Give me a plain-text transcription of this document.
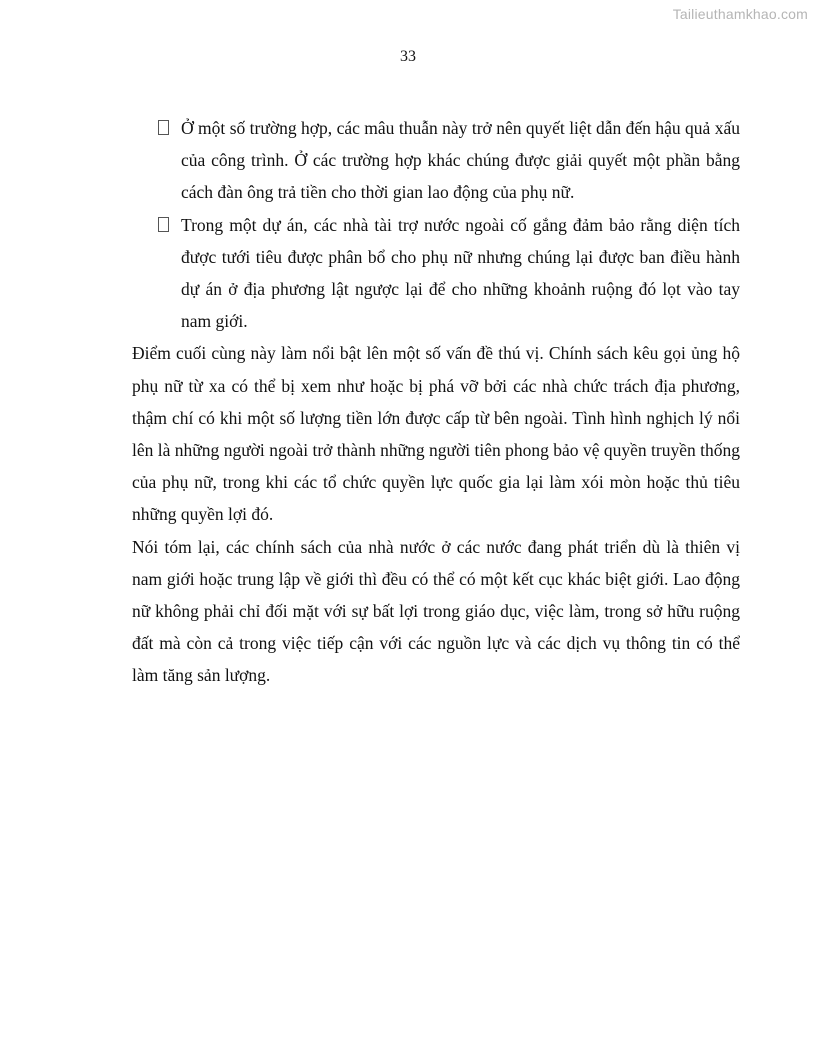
Tailieuthamkhao.com
33
Ở một số trường hợp, các mâu thuẫn này trở nên quyết liệt dẫn đến hậu quả xấu của công trình. Ở các trường hợp khác chúng được giải quyết một phần bằng cách đàn ông trả tiền cho thời gian lao động của phụ nữ.
Trong một dự án, các nhà tài trợ nước ngoài cố gắng đảm bảo rằng diện tích được tưới tiêu được phân bổ cho phụ nữ nhưng chúng lại được ban điều hành dự án ở địa phương lật ngược lại để cho những khoảnh ruộng đó lọt vào tay nam giới.

Điểm cuối cùng này làm nổi bật lên một số vấn đề thú vị. Chính sách kêu gọi ủng hộ phụ nữ từ xa có thể bị xem như hoặc bị phá vỡ bởi các nhà chức trách địa phương, thậm chí có khi một số lượng tiền lớn được cấp từ bên ngoài. Tình hình nghịch lý nổi lên là những người ngoài trở thành những người tiên phong bảo vệ quyền truyền thống của phụ nữ, trong khi các tổ chức quyền lực quốc gia lại làm xói mòn hoặc thủ tiêu những quyền lợi đó.

Nói tóm lại, các chính sách của nhà nước ở các nước đang phát triển dù là thiên vị nam giới hoặc trung lập về giới thì đều có thể có một kết cục khác biệt giới. Lao động nữ không phải chỉ đối mặt với sự bất lợi trong giáo dục, việc làm, trong sở hữu ruộng đất mà còn cả trong việc tiếp cận với các nguồn lực và các dịch vụ thông tin có thể làm tăng sản lượng.
